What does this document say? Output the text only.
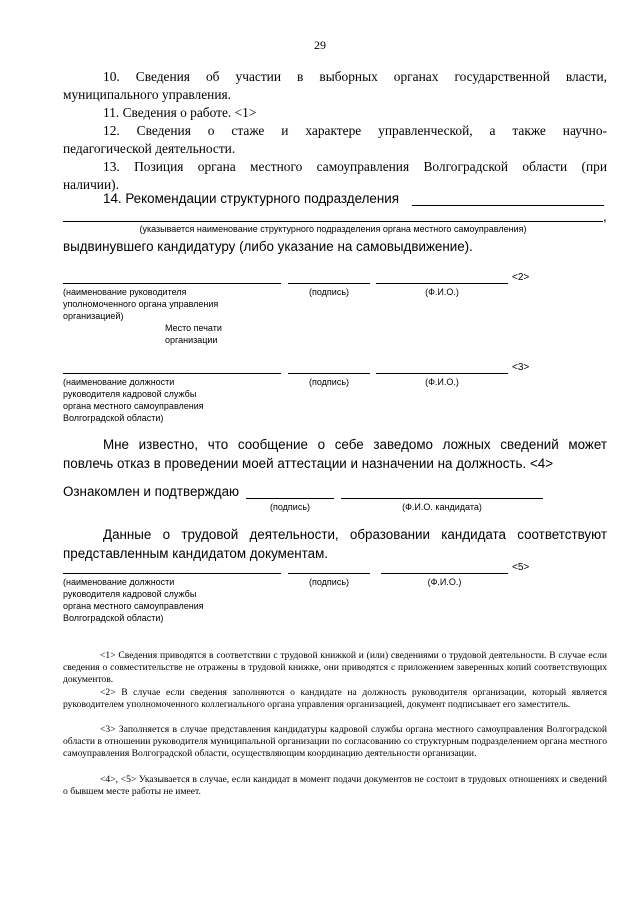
29
10. Сведения об участии в выборных органах государственной власти,
муниципального управления.
11. Сведения о работе. <1>
12. Сведения о стаже и характере управленческой, а также научно-
педагогической деятельности.
13. Позиция органа местного самоуправления Волгоградской области (при
наличии).
14. Рекомендации структурного подразделения
,
(указывается наименование структурного подразделения органа местного самоуправления)
выдвинувшего кандидатуру (либо указание на самовыдвижение).
<2>
(наименование руководителя
уполномоченного органа управления
организацией)
(подпись)	(Ф.И.О.)
Место печати
организации
<3>
(наименование должности
руководителя кадровой службы
органа местного самоуправления
Волгоградской области)
(подпись)	(Ф.И.О.)
Мне известно, что сообщение о себе заведомо ложных сведений может
повлечь отказ в проведении моей аттестации и назначении на должность. <4>
Ознакомлен и подтверждаю
(подпись)	(Ф.И.О. кандидата)
Данные о трудовой деятельности, образовании кандидата соответствуют
представленным кандидатом документам.
<5>
(наименование должности
руководителя кадровой службы
органа местного самоуправления
Волгоградской области)
(подпись)	(Ф.И.О.)
<1> Сведения приводятся в соответствии с трудовой книжкой и (или) сведениями о трудовой деятельности. В случае если сведения о совместительстве не отражены в трудовой книжке, они приводятся с приложением заверенных копий соответствующих документов.
<2> В случае если сведения заполняются о кандидате на должность руководителя организации, который является руководителем уполномоченного коллегиального органа управления организацией, документ подписывает его заместитель.
<3> Заполняется в случае представления кандидатуры кадровой службы органа местного самоуправления Волгоградской области в отношении руководителя муниципальной организации по согласованию со структурным подразделением органа местного самоуправления Волгоградской области, осуществляющим координацию деятельности организации.
<4>, <5> Указывается в случае, если кандидат в момент подачи документов не состоит в трудовых отношениях и сведений о бывшем месте работы не имеет.
